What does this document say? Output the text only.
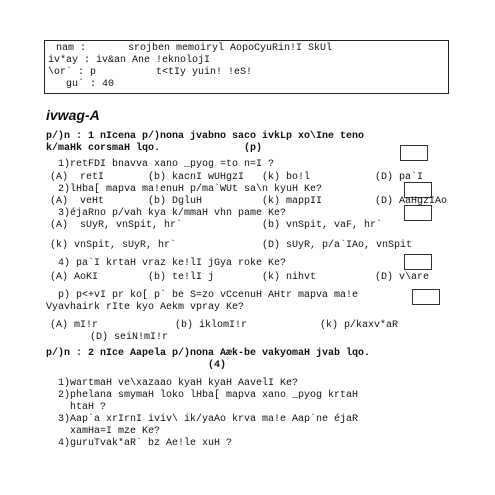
nam :       srojben memoiryl AopoCyuRin!I SkUl
iv*ay : iv&an Ane !eknolojI
\or` : p          t<tIy yuin! !eS!
gu` : 40
ivwag-A
p/)n : 1 nIcena p/)nona jvabno saco ivkLp xo\Ine teno
k/maHk corsmaH lqo.              (p)
1)retFDI bnavva xano _pyog =to n=I ?
(A)  retI	(b) kacnI wUHgzI (k) bo!l	(D) pa`I
2)lHba[ mapva ma!enuH p/ma`WUt sa\n kyuH Ke?
(A)  veHt	(b) DgluH	(k) mappII	(D) AaHgzIAo
3)éjaRno p/vah kya k/mmaH vhn pame Ke?
(A)  sUyR, vnSpit, hr`	(b) vnSpit, vaF, hr`
(k) vnSpit, sUyR, hr`	(D) sUyR, p/a`IAo, vnSpit
4) pa`I krtaH vraz ke!lI jGya roke Ke?
(A) AoKI	(b) te!lI j	(k) nihvt	(D) v\are
p) p<+vI pr ko[ p` be S=zo vCcenuH AHtr mapva ma!e
Vyavhairk rIte kyo Aekm vpray Ke?
(A) mI!r	(b) iklomI!r	(k) p/kaxv*aR
(D) seiN!mI!r
p/)n : 2 nIce Aapela p/)nona Aæk-be vakyomaH jvab lqo.
(4)
1)wartmaH ve\xazaao kyaH kyaH AavelI Ke?
2)phelana smymaH loko lHba[ mapva xano _pyog krtaH
htaH ?
3)Aap`a xrIrnI iviv\ ik/yaAo krva ma!e Aap`ne éjaR
xamHa=I mze Ke?
4)guruTvak*aR` bz Ae!le xuH ?
